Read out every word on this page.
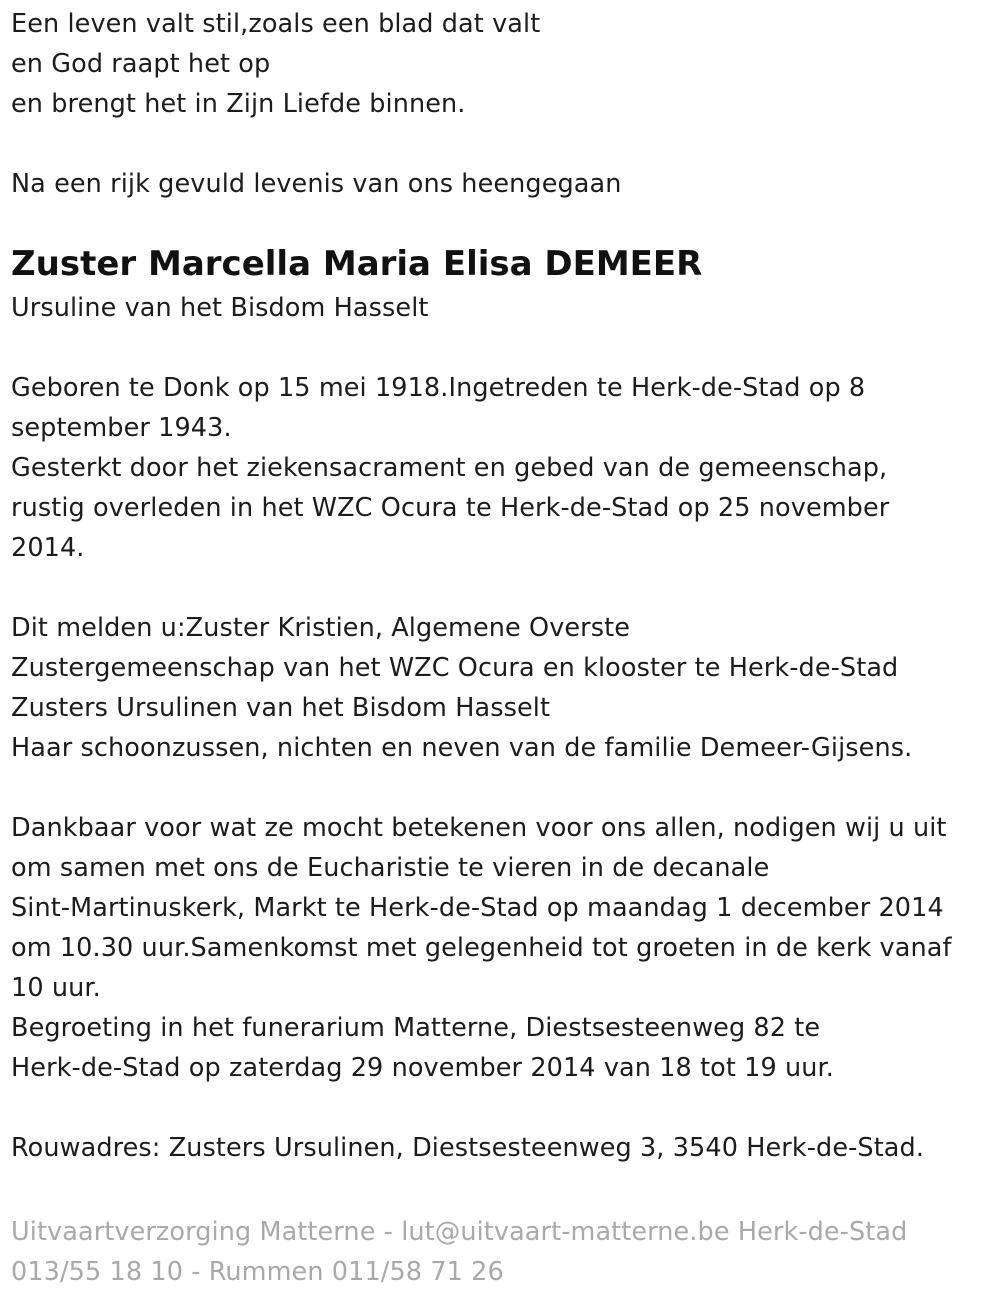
Een leven valt stil,zoals een blad dat valt
en God raapt het op
en brengt het in Zijn Liefde binnen.
Na een rijk gevuld levenis van ons heengegaan
Zuster Marcella Maria Elisa DEMEER
Ursuline van het Bisdom Hasselt
Geboren te Donk op 15 mei 1918.Ingetreden te Herk-de-Stad op 8
september 1943.
Gesterkt door het ziekensacrament en gebed van de gemeenschap,
rustig overleden in het WZC Ocura te Herk-de-Stad op 25 november
2014.
Dit melden u:Zuster Kristien, Algemene Overste
Zustergemeenschap van het WZC Ocura en klooster te Herk-de-Stad
Zusters Ursulinen van het Bisdom Hasselt
Haar schoonzussen, nichten en neven van de familie Demeer-Gijsens.
Dankbaar voor wat ze mocht betekenen voor ons allen, nodigen wij u uit
om samen met ons de Eucharistie te vieren in de decanale
Sint-Martinuskerk, Markt te Herk-de-Stad op maandag 1 december 2014
om 10.30 uur.Samenkomst met gelegenheid tot groeten in de kerk vanaf
10 uur.
Begroeting in het funerarium Matterne, Diestsesteenweg 82 te
Herk-de-Stad op zaterdag 29 november 2014 van 18 tot 19 uur.
Rouwadres: Zusters Ursulinen, Diestsesteenweg 3, 3540 Herk-de-Stad.
Uitvaartverzorging Matterne - lut@uitvaart-matterne.be Herk-de-Stad
013/55 18 10 - Rummen 011/58 71 26
